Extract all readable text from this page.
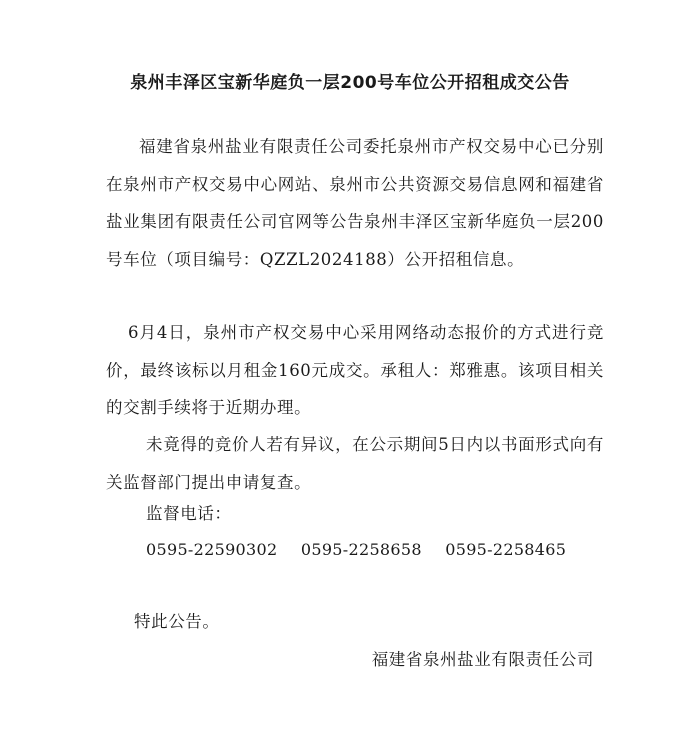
泉州丰泽区宝新华庭负一层200号车位公开招租成交公告

福建省泉州盐业有限责任公司委托泉州市产权交易中心已分别在泉州市产权交易中心网站、泉州市公共资源交易信息网和福建省盐业集团有限责任公司官网等公告泉州丰泽区宝新华庭负一层200号车位（项目编号：QZZL2024188）公开招租信息。

6月4日，泉州市产权交易中心采用网络动态报价的方式进行竞价，最终该标以月租金160元成交。承租人：郑雅惠。该项目相关的交割手续将于近期办理。

未竟得的竞价人若有异议，在公示期间5日内以书面形式向有关监督部门提出申请复查。

监督电话：
0595-22590302 0595-2258658 0595-2258465
特此公告。
福建省泉州盐业有限责任公司
